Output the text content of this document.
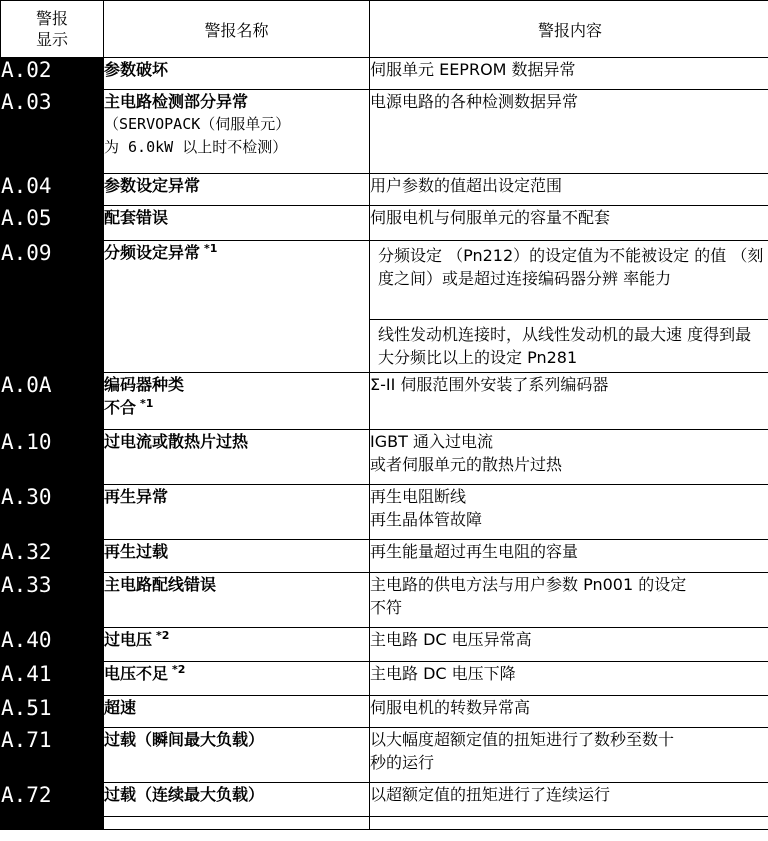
警报
显示	警报名称	警报内容
A.02	参数破坏	伺服单元 EEPROM 数据异常

A.03	主电路检测部分异常
（SERVOPACK（伺服单元）
为 6.0kW 以上时不检测）	电源电路的各种检测数据异常

A.04	参数设定异常	用户参数的值超出设定范围

A.05	配套错误	伺服电机与伺服单元的容量不配套

A.09	分频设定异常 $^{*1}$	分频设定 （Pn212）的设定值为不能被设定 的值 （刻度之间）或是超过连接编码器分辨 率能力
线性发动机连接时，从线性发动机的最大速 度得到最大分频比以上的设定 Pn281

A.0A	编码器种类
不合 $^{*1}$	Σ-II 伺服范围外安装了系列编码器

A.10	过电流或散热片过热	IGBT 通入过电流
或者伺服单元的散热片过热

A.30	再生异常	再生电阻断线
再生晶体管故障

A.32	再生过载	再生能量超过再生电阻的容量

A.33	主电路配线错误	主电路的供电方法与用户参数 Pn001 的设定
不符

A.40	过电压 $^{*2}$	主电路 DC 电压异常高

A.41	电压不足 $^{*2}$	主电路 DC 电压下降

A.51	超速	伺服电机的转数异常高

A.71	过载（瞬间最大负载）	以大幅度超额定值的扭矩进行了数秒至数十
秒的运行

A.72	过载（连续最大负载）	以超额定值的扭矩进行了连续运行
